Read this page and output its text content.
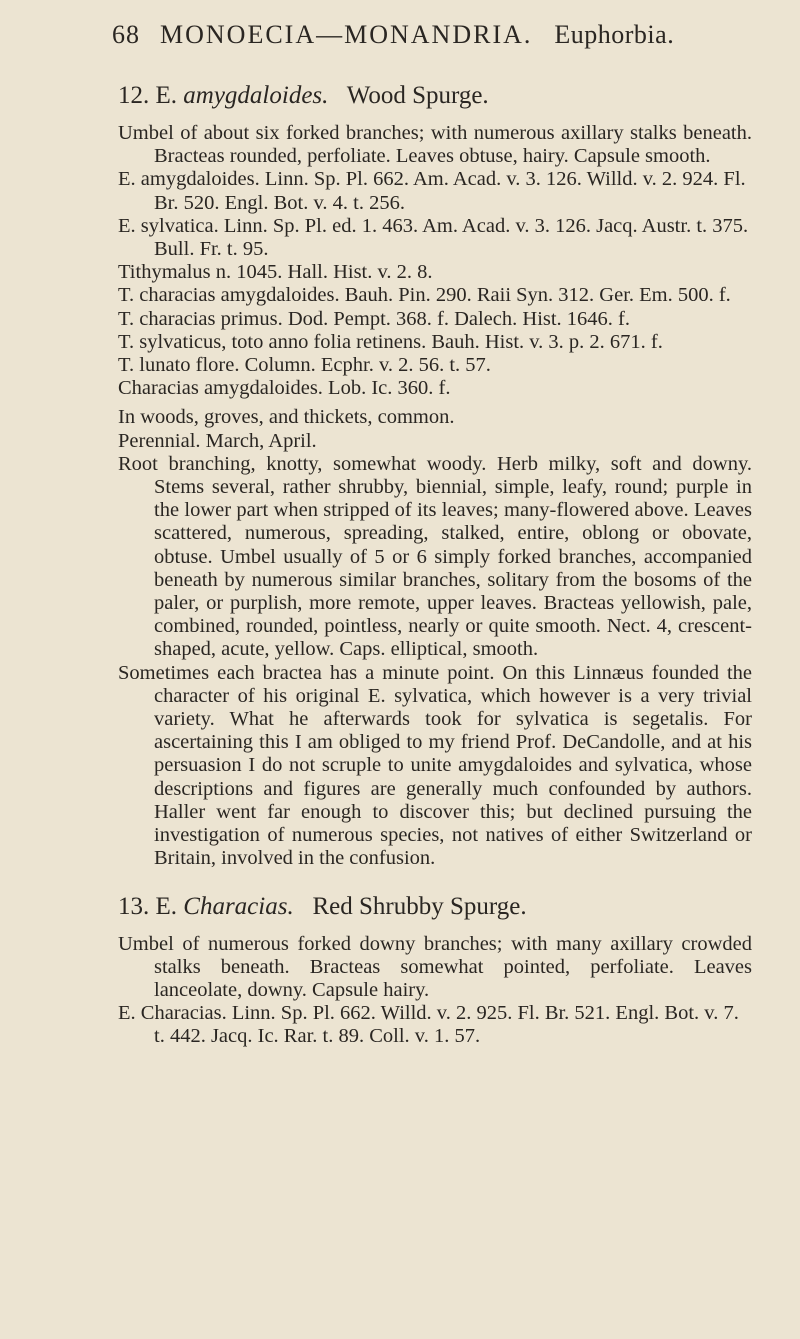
68 MONOECIA—MONANDRIA. Euphorbia.
12. E. amygdaloides. Wood Spurge.

Umbel of about six forked branches; with numerous axillary stalks beneath. Bracteas rounded, perfoliate. Leaves obtuse, hairy. Capsule smooth.

E. amygdaloides. Linn. Sp. Pl. 662. Am. Acad. v. 3. 126. Willd. v. 2. 924. Fl. Br. 520. Engl. Bot. v. 4. t. 256.

E. sylvatica. Linn. Sp. Pl. ed. 1. 463. Am. Acad. v. 3. 126. Jacq. Austr. t. 375. Bull. Fr. t. 95.

Tithymalus n. 1045. Hall. Hist. v. 2. 8.

T. characias amygdaloides. Bauh. Pin. 290. Raii Syn. 312. Ger. Em. 500. f.

T. characias primus. Dod. Pempt. 368. f. Dalech. Hist. 1646. f.

T. sylvaticus, toto anno folia retinens. Bauh. Hist. v. 3. p. 2. 671. f.

T. lunato flore. Column. Ecphr. v. 2. 56. t. 57.

Characias amygdaloides. Lob. Ic. 360. f.

In woods, groves, and thickets, common.

Perennial. March, April.

Root branching, knotty, somewhat woody. Herb milky, soft and downy. Stems several, rather shrubby, biennial, simple, leafy, round; purple in the lower part when stripped of its leaves; many-flowered above. Leaves scattered, numerous, spreading, stalked, entire, oblong or obovate, obtuse. Umbel usually of 5 or 6 simply forked branches, accompanied beneath by numerous similar branches, solitary from the bosoms of the paler, or purplish, more remote, upper leaves. Bracteas yellowish, pale, combined, rounded, pointless, nearly or quite smooth. Nect. 4, crescent-shaped, acute, yellow. Caps. elliptical, smooth.

Sometimes each bractea has a minute point. On this Linnæus founded the character of his original E. sylvatica, which however is a very trivial variety. What he afterwards took for sylvatica is segetalis. For ascertaining this I am obliged to my friend Prof. DeCandolle, and at his persuasion I do not scruple to unite amygdaloides and sylvatica, whose descriptions and figures are generally much confounded by authors. Haller went far enough to discover this; but declined pursuing the investigation of numerous species, not natives of either Switzerland or Britain, involved in the confusion.

13. E. Characias. Red Shrubby Spurge.

Umbel of numerous forked downy branches; with many axillary crowded stalks beneath. Bracteas somewhat pointed, perfoliate. Leaves lanceolate, downy. Capsule hairy.

E. Characias. Linn. Sp. Pl. 662. Willd. v. 2. 925. Fl. Br. 521. Engl. Bot. v. 7. t. 442. Jacq. Ic. Rar. t. 89. Coll. v. 1. 57.
